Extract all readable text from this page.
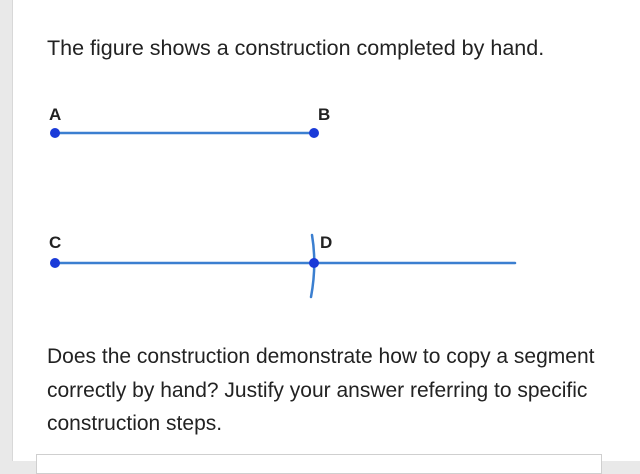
The figure shows a construction completed by hand.

A	B
C	D

Does the construction demonstrate how to copy a segment correctly by hand? Justify your answer referring to specific construction steps.
